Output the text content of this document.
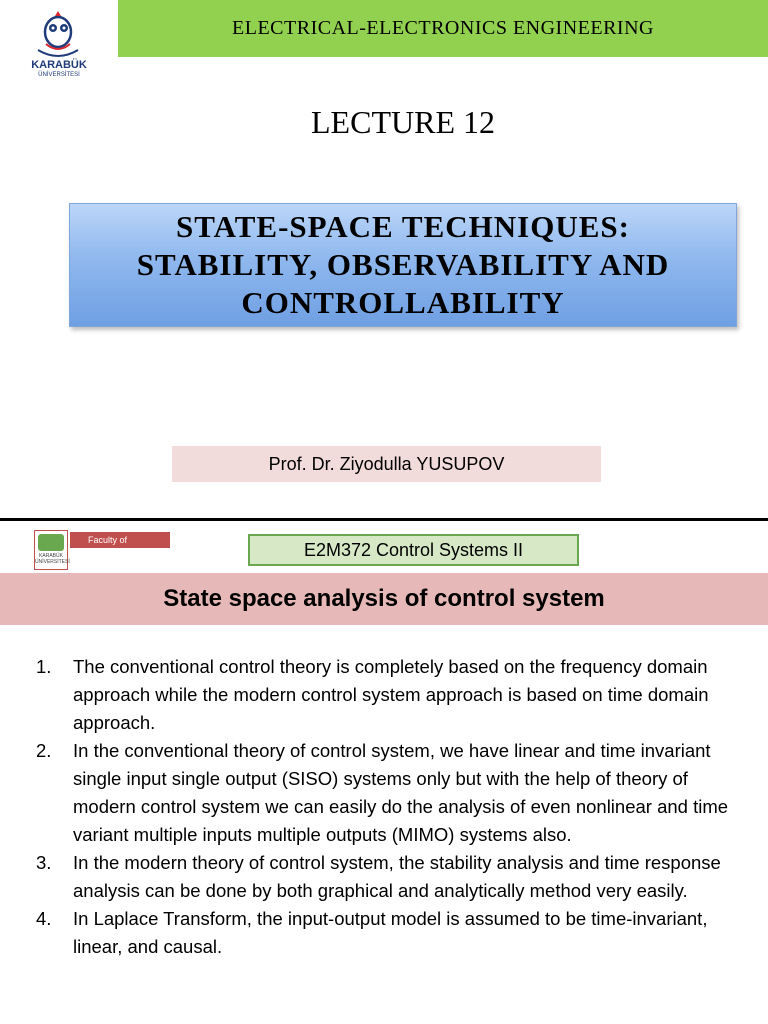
KARABÜK
ÜNİVERSİTESİ
ELECTRICAL-ELECTRONICS ENGINEERING
LECTURE 12
STATE-SPACE TECHNIQUES:
STABILITY, OBSERVABILITY AND
CONTROLLABILITY
Prof. Dr. Ziyodulla YUSUPOV
KARABÜK ÜNİVERSİTESİ
Faculty of Engineering	E2M372 Control Systems II
State space analysis of control system
1. The conventional control theory is completely based on the frequency domain approach while the modern control system approach is based on time domain approach.
2. In the conventional theory of control system, we have linear and time invariant single input single output (SISO) systems only but with the help of theory of modern control system we can easily do the analysis of even nonlinear and time variant multiple inputs multiple outputs (MIMO) systems also.
3. In the modern theory of control system, the stability analysis and time response analysis can be done by both graphical and analytically method very easily.
4. In Laplace Transform, the input-output model is assumed to be time-invariant, linear, and causal.
